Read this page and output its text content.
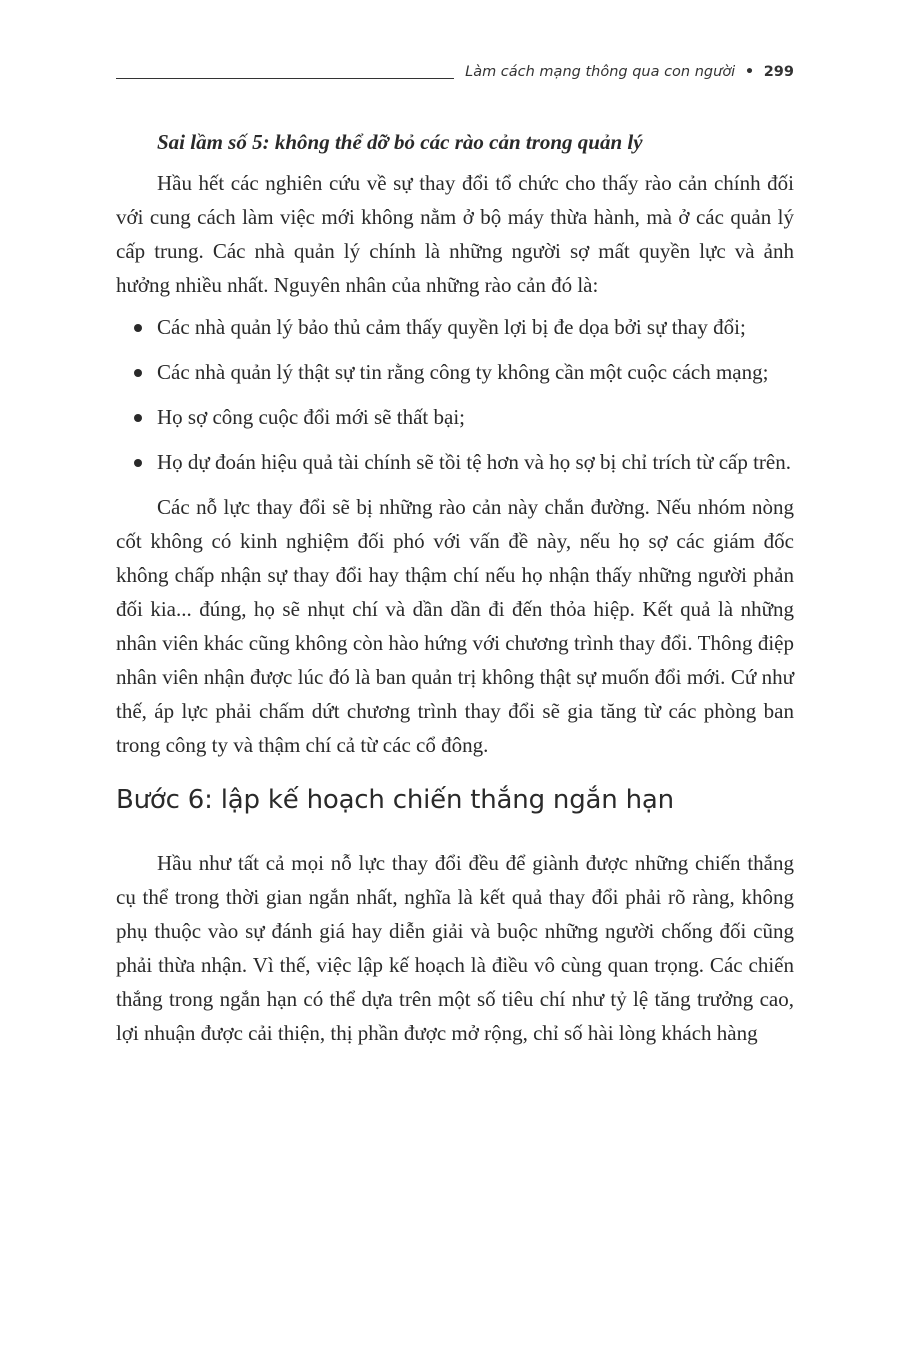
Làm cách mạng thông qua con người • 299

Sai lầm số 5: không thể dỡ bỏ các rào cản trong quản lý

Hầu hết các nghiên cứu về sự thay đổi tổ chức cho thấy rào cản chính đối với cung cách làm việc mới không nằm ở bộ máy thừa hành, mà ở các quản lý cấp trung. Các nhà quản lý chính là những người sợ mất quyền lực và ảnh hưởng nhiều nhất. Nguyên nhân của những rào cản đó là:

Các nhà quản lý bảo thủ cảm thấy quyền lợi bị đe dọa bởi sự thay đổi;
Các nhà quản lý thật sự tin rằng công ty không cần một cuộc cách mạng;
Họ sợ công cuộc đổi mới sẽ thất bại;
Họ dự đoán hiệu quả tài chính sẽ tồi tệ hơn và họ sợ bị chỉ trích từ cấp trên.

Các nỗ lực thay đổi sẽ bị những rào cản này chắn đường. Nếu nhóm nòng cốt không có kinh nghiệm đối phó với vấn đề này, nếu họ sợ các giám đốc không chấp nhận sự thay đổi hay thậm chí nếu họ nhận thấy những người phản đối kia... đúng, họ sẽ nhụt chí và dần dần đi đến thỏa hiệp. Kết quả là những nhân viên khác cũng không còn hào hứng với chương trình thay đổi. Thông điệp nhân viên nhận được lúc đó là ban quản trị không thật sự muốn đổi mới. Cứ như thế, áp lực phải chấm dứt chương trình thay đổi sẽ gia tăng từ các phòng ban trong công ty và thậm chí cả từ các cổ đông.

Bước 6: lập kế hoạch chiến thắng ngắn hạn

Hầu như tất cả mọi nỗ lực thay đổi đều để giành được những chiến thắng cụ thể trong thời gian ngắn nhất, nghĩa là kết quả thay đổi phải rõ ràng, không phụ thuộc vào sự đánh giá hay diễn giải và buộc những người chống đối cũng phải thừa nhận. Vì thế, việc lập kế hoạch là điều vô cùng quan trọng. Các chiến thắng trong ngắn hạn có thể dựa trên một số tiêu chí như tỷ lệ tăng trưởng cao, lợi nhuận được cải thiện, thị phần được mở rộng, chỉ số hài lòng khách hàng
